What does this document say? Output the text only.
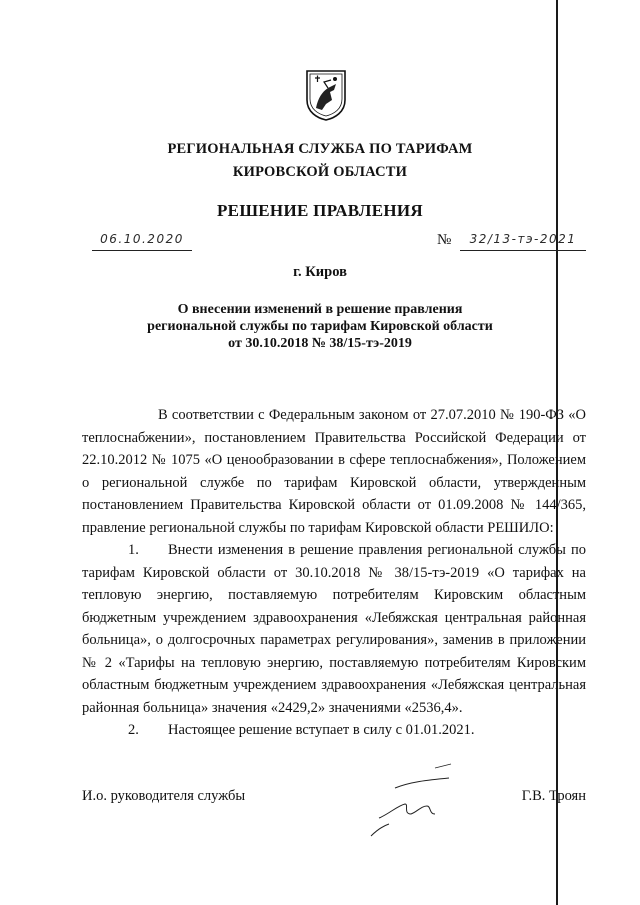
РЕГИОНАЛЬНАЯ СЛУЖБА ПО ТАРИФАМ
КИРОВСКОЙ ОБЛАСТИ
РЕШЕНИЕ ПРАВЛЕНИЯ
06.10.2020	№	32/13-тэ-2021
г. Киров
О внесении изменений в решение правления
региональной службы по тарифам Кировской области
от 30.10.2018 № 38/15-тэ-2019

В соответствии с Федеральным законом от 27.07.2010 № 190-ФЗ «О теплоснабжении», постановлением Правительства Российской Федерации от 22.10.2012 № 1075 «О ценообразовании в сфере теплоснабжения», Положением о региональной службе по тарифам Кировской области, утвержденным постановлением Правительства Кировской области от 01.09.2008 № 144/365, правление региональной службы по тарифам Кировской области РЕШИЛО:

1. Внести изменения в решение правления региональной службы по тарифам Кировской области от 30.10.2018 № 38/15-тэ-2019 «О тарифах на тепловую энергию, поставляемую потребителям Кировским областным бюджетным учреждением здравоохранения «Лебяжская центральная районная больница», о долгосрочных параметрах регулирования», заменив в приложении № 2 «Тарифы на тепловую энергию, поставляемую потребителям Кировским областным бюджетным учреждением здравоохранения «Лебяжская центральная районная больница» значения «2429,2» значениями «2536,4».

2. Настоящее решение вступает в силу с 01.01.2021.

И.о. руководителя службы	Г.В. Троян
